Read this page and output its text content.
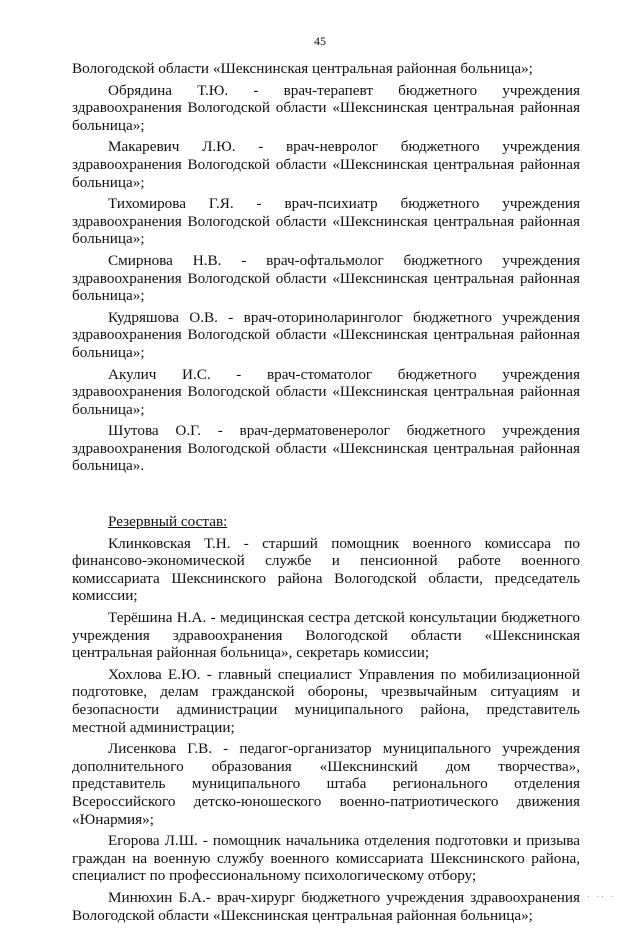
45

Вологодской области «Шекснинская центральная районная больница»;

Обрядина Т.Ю. - врач-терапевт бюджетного учреждения здравоохранения Вологодской области «Шекснинская центральная районная больница»;

Макаревич Л.Ю. - врач-невролог бюджетного учреждения здравоохранения Вологодской области «Шекснинская центральная районная больница»;

Тихомирова Г.Я. - врач-психиатр бюджетного учреждения здравоохранения Вологодской области «Шекснинская центральная районная больница»;

Смирнова Н.В. - врач-офтальмолог бюджетного учреждения здравоохранения Вологодской области «Шекснинская центральная районная больница»;

Кудряшова О.В. - врач-оториноларинголог бюджетного учреждения здравоохранения Вологодской области «Шекснинская центральная районная больница»;

Акулич И.С. - врач-стоматолог бюджетного учреждения здравоохранения Вологодской области «Шекснинская центральная районная больница»;

Шутова О.Г. - врач-дерматовенеролог бюджетного учреждения здравоохранения Вологодской области «Шекснинская центральная районная больница».

Резервный состав:

Клинковская Т.Н. - старший помощник военного комиссара по финансово-экономической службе и пенсионной работе военного комиссариата Шекснинского района Вологодской области, председатель комиссии;

Терёшина Н.А. - медицинская сестра детской консультации бюджетного учреждения здравоохранения Вологодской области «Шекснинская центральная районная больница», секретарь комиссии;

Хохлова Е.Ю. - главный специалист Управления по мобилизационной подготовке, делам гражданской обороны, чрезвычайным ситуациям и безопасности администрации муниципального района, представитель местной администрации;

Лисенкова Г.В. - педагог-организатор муниципального учреждения дополнительного образования «Шекснинский дом творчества», представитель муниципального штаба регионального отделения Всероссийского детско-юношеского военно-патриотического движения «Юнармия»;

Егорова Л.Ш. - помощник начальника отделения подготовки и призыва граждан на военную службу военного комиссариата Шекснинского района, специалист по профессиональному психологическому отбору;

Минюхин Б.А.- врач-хирург бюджетного учреждения здравоохранения Вологодской области «Шекснинская центральная районная больница»;

. .. .
